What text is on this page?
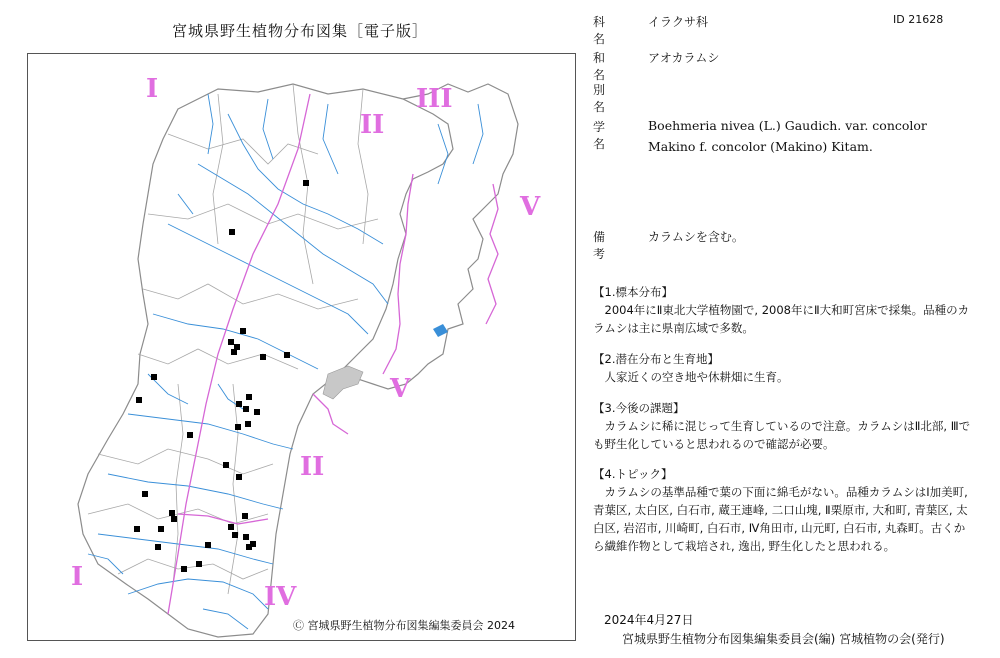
宮城県野生植物分布図集［電子版］
I
II
III
V
V
II
I
IV
Ⓒ 宮城県野生植物分布図集編集委員会 2024
科名
イラクサ科	ID 21628
和名
アオカラムシ
別名
学名
Boehmeria nivea (L.) Gaudich. var. concolor Makino f. concolor (Makino) Kitam.
備考
カラムシを含む。
【1.標本分布】

2004年にⅡ東北大学植物園で, 2008年にⅡ大和町宮床で採集。品種のカラムシは主に県南広域で多数。

【2.潜在分布と生育地】

人家近くの空き地や休耕畑に生育。

【3.今後の課題】

カラムシに稀に混じって生育しているので注意。カラムシはⅡ北部, Ⅲでも野生化していると思われるので確認が必要。

【4.トピック】

カラムシの基準品種で葉の下面に綿毛がない。品種カラムシはⅠ加美町, 青葉区, 太白区, 白石市, 蔵王連峰, 二口山塊, Ⅱ栗原市, 大和町, 青葉区, 太白区, 岩沼市, 川崎町, 白石市, Ⅳ角田市, 山元町, 白石市, 丸森町。古くから繊維作物として栽培され, 逸出, 野生化したと思われる。

2024年4月27日
宮城県野生植物分布図集編集委員会(編) 宮城植物の会(発行)
